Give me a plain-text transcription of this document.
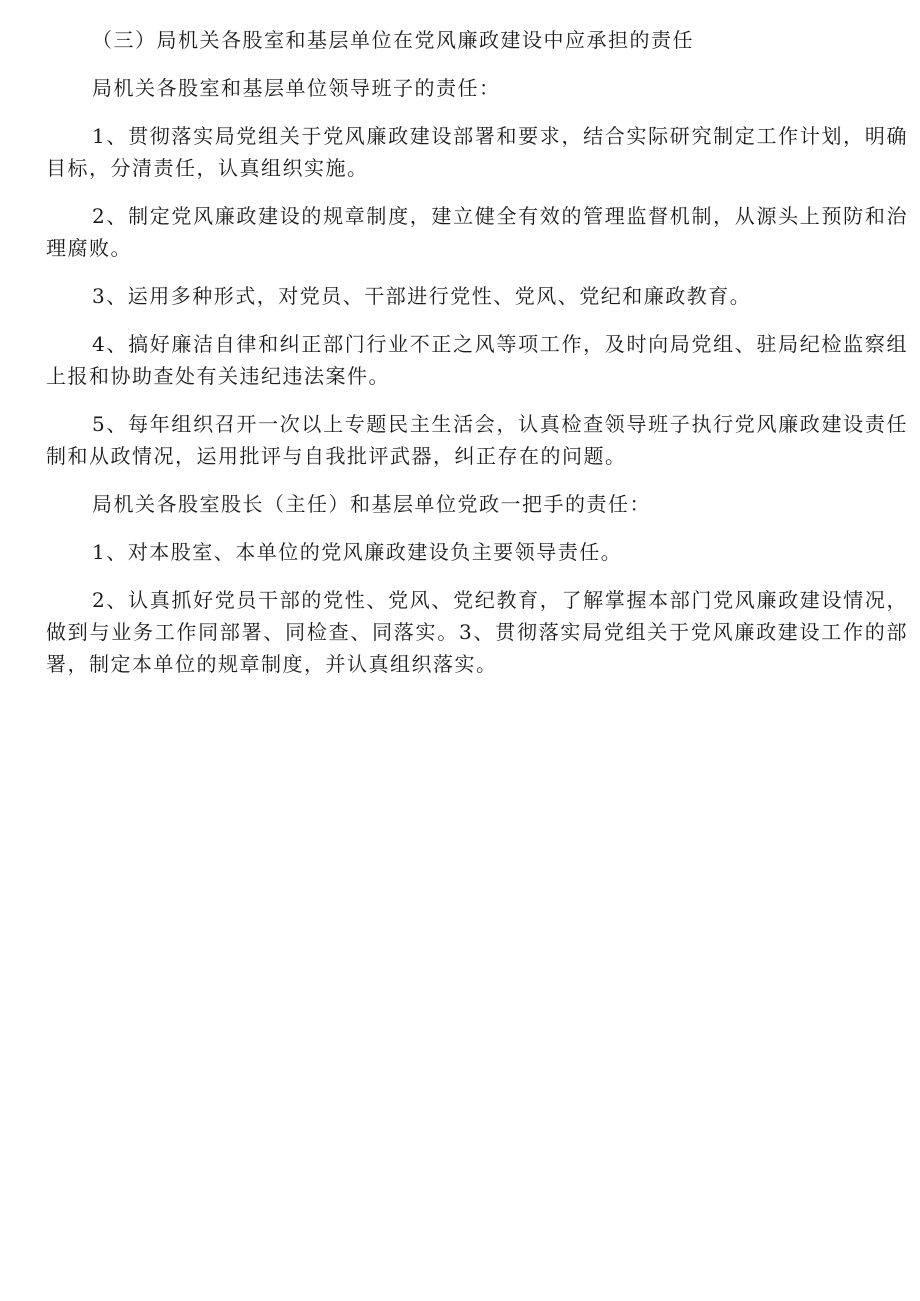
（三）局机关各股室和基层单位在党风廉政建设中应承担的责任

局机关各股室和基层单位领导班子的责任：

1、贯彻落实局党组关于党风廉政建设部署和要求，结合实际研究制定工作计划，明确目标，分清责任，认真组织实施。

2、制定党风廉政建设的规章制度，建立健全有效的管理监督机制，从源头上预防和治理腐败。

3、运用多种形式，对党员、干部进行党性、党风、党纪和廉政教育。

4、搞好廉洁自律和纠正部门行业不正之风等项工作，及时向局党组、驻局纪检监察组上报和协助查处有关违纪违法案件。

5、每年组织召开一次以上专题民主生活会，认真检查领导班子执行党风廉政建设责任制和从政情况，运用批评与自我批评武器，纠正存在的问题。

局机关各股室股长（主任）和基层单位党政一把手的责任：

1、对本股室、本单位的党风廉政建设负主要领导责任。

2、认真抓好党员干部的党性、党风、党纪教育，了解掌握本部门党风廉政建设情况，做到与业务工作同部署、同检查、同落实。3、贯彻落实局党组关于党风廉政建设工作的部署，制定本单位的规章制度，并认真组织落实。
